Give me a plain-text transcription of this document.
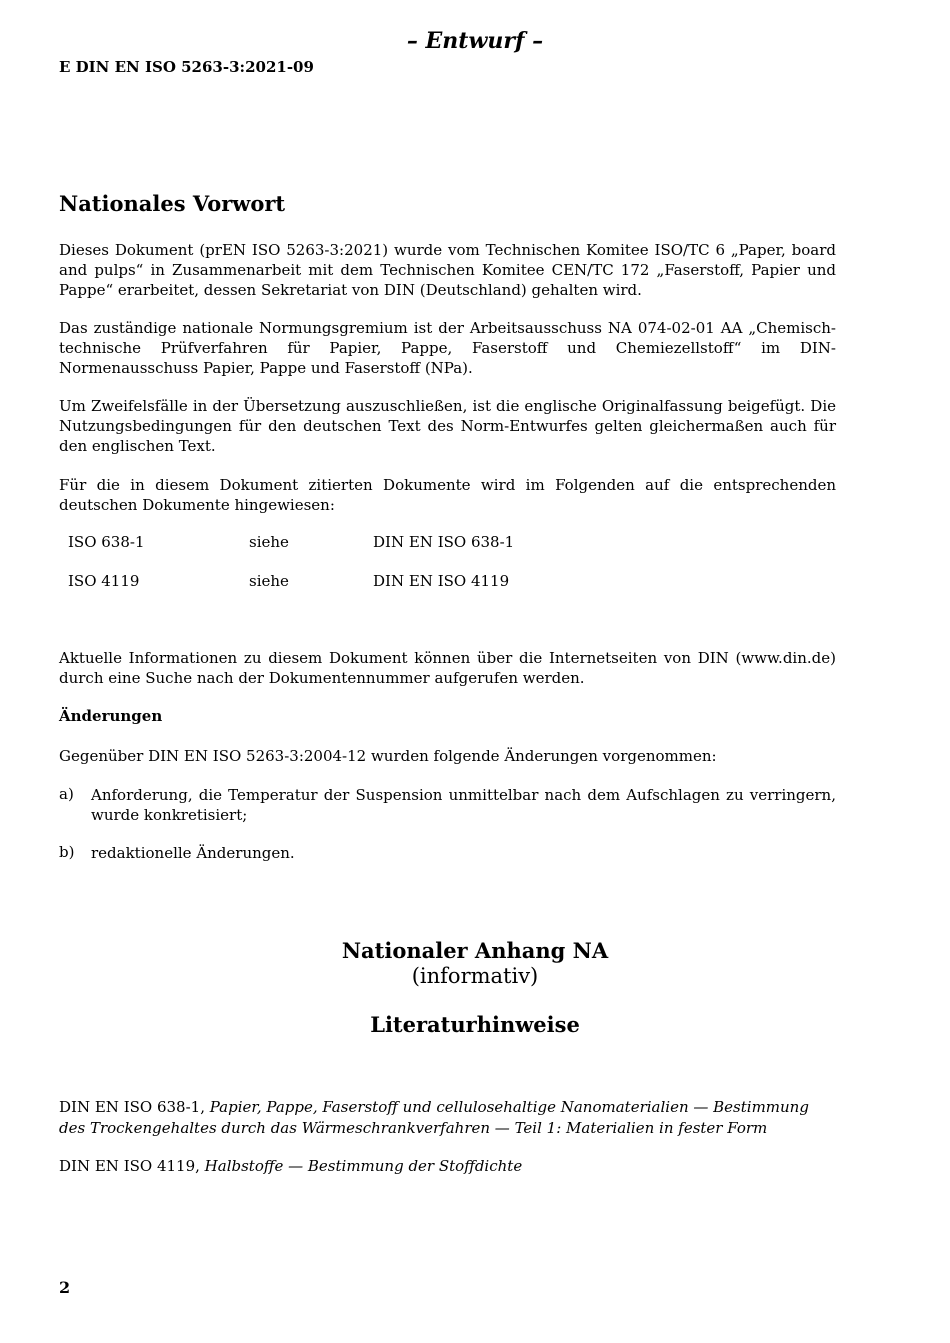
– Entwurf –
E DIN EN ISO 5263-3:2021-09
Nationales Vorwort
Dieses Dokument (prEN ISO 5263-3:2021) wurde vom Technischen Komitee ISO/TC 6 „Paper, board and pulps“ in Zusammenarbeit mit dem Technischen Komitee CEN/TC 172 „Faserstoff, Papier und Pappe“ erarbeitet, dessen Sekretariat von DIN (Deutschland) gehalten wird.
Das zuständige nationale Normungsgremium ist der Arbeitsausschuss NA 074-02-01 AA „Chemisch-technische Prüfverfahren für Papier, Pappe, Faserstoff und Chemiezellstoff“ im DIN-Normenausschuss Papier, Pappe und Faserstoff (NPa).
Um Zweifelsfälle in der Übersetzung auszuschließen, ist die englische Originalfassung beigefügt. Die Nutzungsbedingungen für den deutschen Text des Norm-Entwurfes gelten gleichermaßen auch für den englischen Text.
Für die in diesem Dokument zitierten Dokumente wird im Folgenden auf die entsprechenden deutschen Dokumente hingewiesen:
ISO 638-1	siehe	DIN EN ISO 638-1
ISO 4119	siehe	DIN EN ISO 4119
Aktuelle Informationen zu diesem Dokument können über die Internetseiten von DIN (www.din.de) durch eine Suche nach der Dokumentennummer aufgerufen werden.
Änderungen
Gegenüber DIN EN ISO 5263-3:2004-12 wurden folgende Änderungen vorgenommen:
a) Anforderung, die Temperatur der Suspension unmittelbar nach dem Aufschlagen zu verringern, wurde konkretisiert;
b) redaktionelle Änderungen.
Nationaler Anhang NA
(informativ)
Literaturhinweise
DIN EN ISO 638-1, Papier, Pappe, Faserstoff und cellulosehaltige Nanomaterialien — Bestimmung des Trockengehaltes durch das Wärmeschrankverfahren — Teil 1: Materialien in fester Form
DIN EN ISO 4119, Halbstoffe — Bestimmung der Stoffdichte
2
